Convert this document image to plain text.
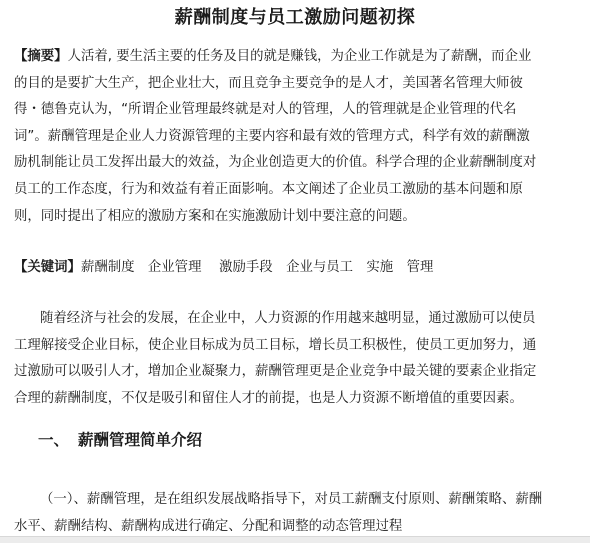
薪酬制度与员工激励问题初探
【摘要】人活着, 要生活主要的任务及目的就是赚钱，为企业工作就是为了薪酬，而企业
的目的是要扩大生产，把企业壮大，而且竞争主要竞争的是人才，美国著名管理大师彼
得・德鲁克认为，“所谓企业管理最终就是对人的管理，人的管理就是企业管理的代名
词”。薪酬管理是企业人力资源管理的主要内容和最有效的管理方式，科学有效的薪酬激
励机制能让员工发挥出最大的效益，为企业创造更大的价值。科学合理的企业薪酬制度对
员工的工作态度，行为和效益有着正面影响。本文阐述了企业员工激励的基本问题和原
则，同时提出了相应的激励方案和在实施激励计划中要注意的问题。
【关键词】薪酬制度　企业管理　 激励手段　企业与员工　实施　管理
随着经济与社会的发展，在企业中，人力资源的作用越来越明显，通过激励可以使员
工理解接受企业目标，使企业目标成为员工目标，增长员工积极性，使员工更加努力，通
过激励可以吸引人才，增加企业凝聚力，薪酬管理更是企业竞争中最关键的要素企业指定
合理的薪酬制度，不仅是吸引和留住人才的前提，也是人力资源不断增值的重要因素。
一、 薪酬管理简单介绍
（一）、薪酬管理，是在组织发展战略指导下，对员工薪酬支付原则、薪酬策略、薪酬
水平、薪酬结构、薪酬构成进行确定、分配和调整的动态管理过程
